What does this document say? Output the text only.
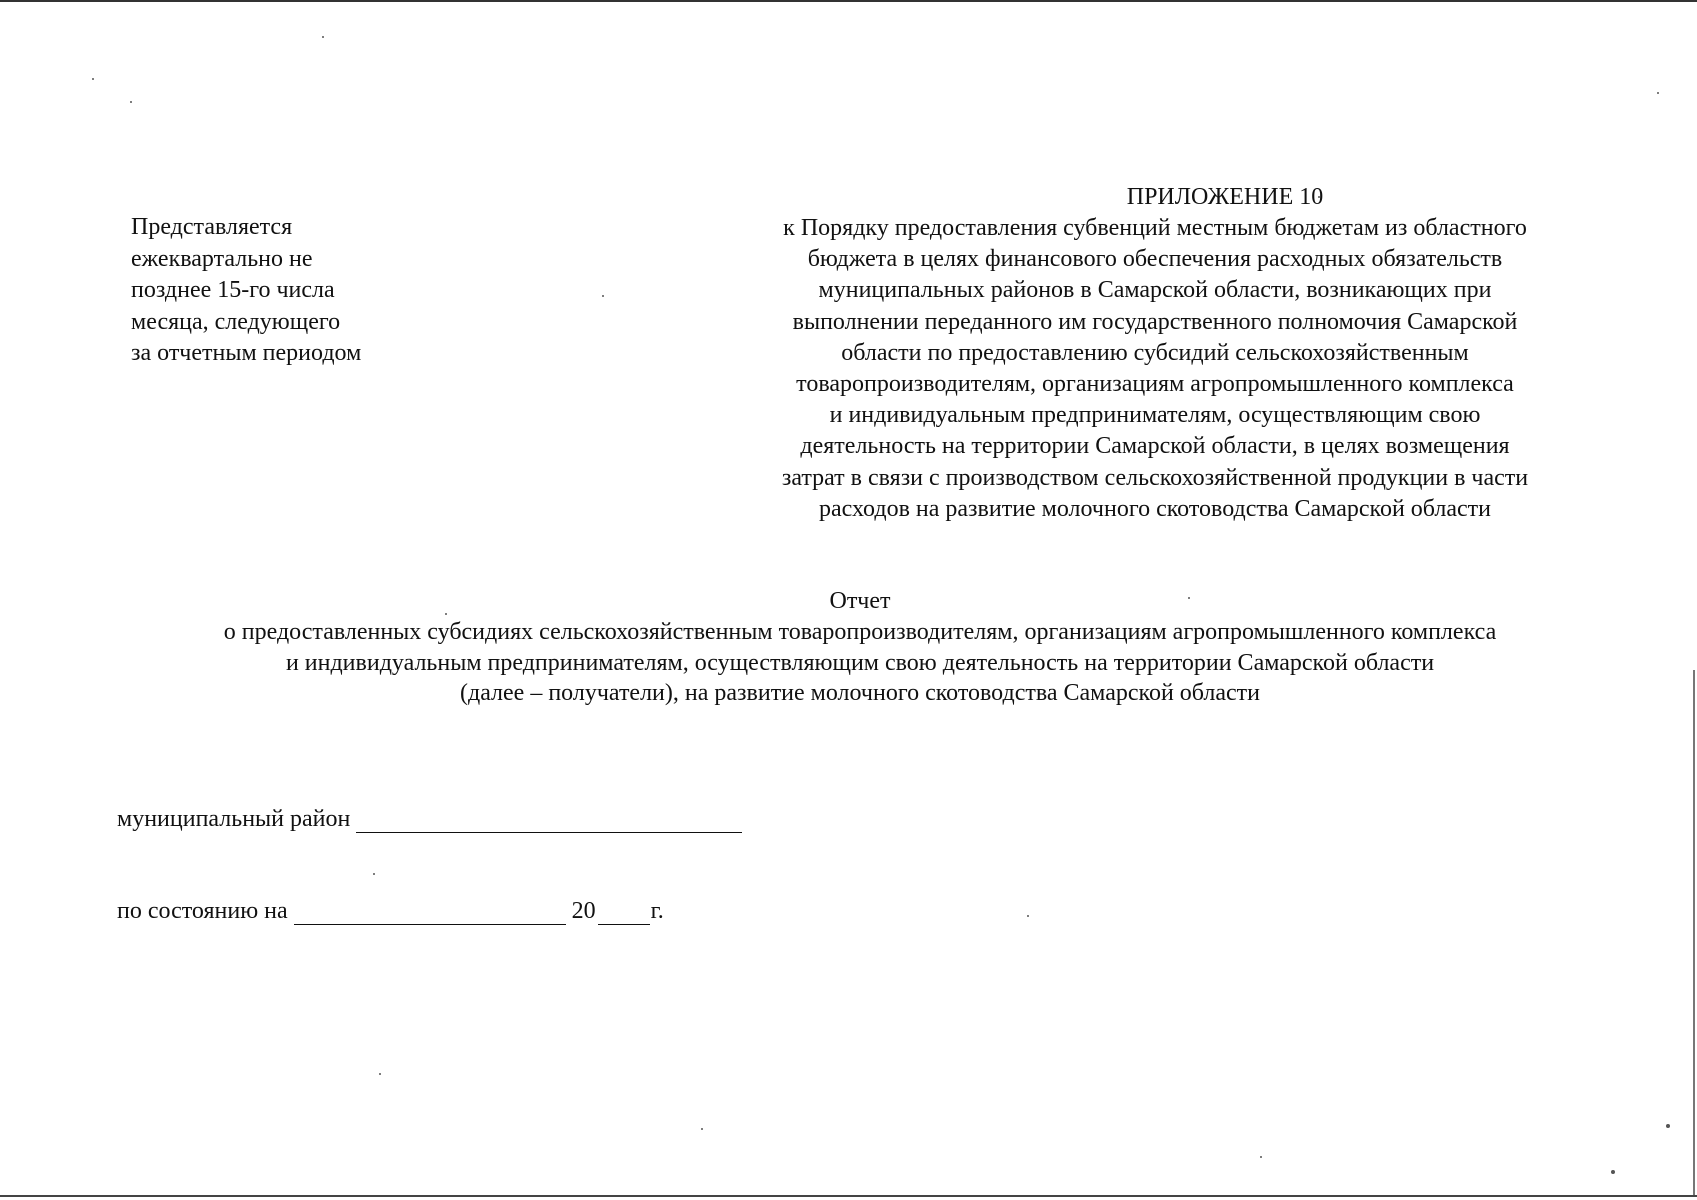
Представляется
ежеквартально не
позднее 15-го числа
месяца, следующего
за отчетным периодом
ПРИЛОЖЕНИЕ 10
к Порядку предоставления субвенций местным бюджетам из областного
бюджета в целях финансового обеспечения расходных обязательств
муниципальных районов в Самарской области, возникающих при
выполнении переданного им государственного полномочия Самарской
области по предоставлению субсидий сельскохозяйственным
товаропроизводителям, организациям агропромышленного комплекса
и индивидуальным предпринимателям, осуществляющим свою
деятельность на территории Самарской области, в целях возмещения
затрат в связи с производством сельскохозяйственной продукции в части
расходов на развитие молочного скотоводства Самарской области
Отчет
о предоставленных субсидиях сельскохозяйственным товаропроизводителям, организациям агропромышленного комплекса
и индивидуальным предпринимателям, осуществляющим свою деятельность на территории Самарской области
(далее – получатели), на развитие молочного скотоводства Самарской области
муниципальный район
по состоянию на	20 г.
